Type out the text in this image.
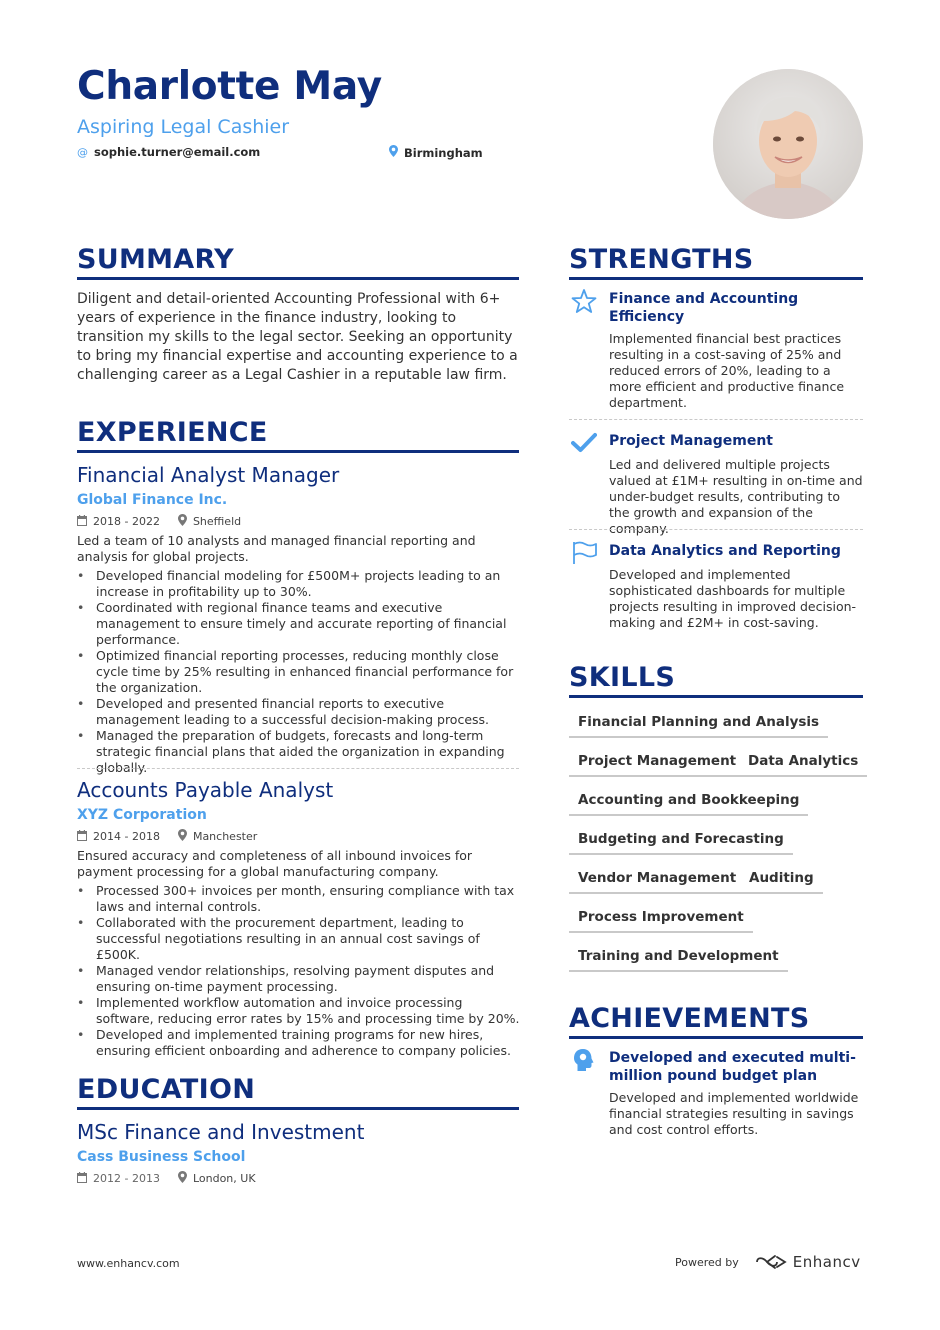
Charlotte May
Aspiring Legal Cashier
@ sophie.turner@email.com	Birmingham
SUMMARY
Diligent and detail-oriented Accounting Professional with 6+ years of experience in the finance industry, looking to transition my skills to the legal sector. Seeking an opportunity to bring my financial expertise and accounting experience to a challenging career as a Legal Cashier in a reputable law firm.
EXPERIENCE
Financial Analyst Manager
Global Finance Inc.
2018 - 2022	Sheffield
Led a team of 10 analysts and managed financial reporting and analysis for global projects.
• Developed financial modeling for £500M+ projects leading to an increase in profitability up to 30%.
• Coordinated with regional finance teams and executive management to ensure timely and accurate reporting of financial performance.
• Optimized financial reporting processes, reducing monthly close cycle time by 25% resulting in enhanced financial performance for the organization.
• Developed and presented financial reports to executive management leading to a successful decision-making process.
• Managed the preparation of budgets, forecasts and long-term strategic financial plans that aided the organization in expanding globally.
Accounts Payable Analyst
XYZ Corporation
2014 - 2018	Manchester
Ensured accuracy and completeness of all inbound invoices for payment processing for a global manufacturing company.
• Processed 300+ invoices per month, ensuring compliance with tax laws and internal controls.
• Collaborated with the procurement department, leading to successful negotiations resulting in an annual cost savings of £500K.
• Managed vendor relationships, resolving payment disputes and ensuring on-time payment processing.
• Implemented workflow automation and invoice processing software, reducing error rates by 15% and processing time by 20%.
• Developed and implemented training programs for new hires, ensuring efficient onboarding and adherence to company policies.
EDUCATION
MSc Finance and Investment
Cass Business School
2012 - 2013	London, UK
STRENGTHS
Finance and Accounting Efficiency
Implemented financial best practices resulting in a cost-saving of 25% and reduced errors of 20%, leading to a more efficient and productive finance department.
Project Management
Led and delivered multiple projects valued at £1M+ resulting in on-time and under-budget results, contributing to the growth and expansion of the company.
Data Analytics and Reporting
Developed and implemented sophisticated dashboards for multiple projects resulting in improved decision-making and £2M+ in cost-saving.
SKILLS
Financial Planning and Analysis
Project Management Data Analytics
Accounting and Bookkeeping
Budgeting and Forecasting
Vendor Management Auditing
Process Improvement
Training and Development
ACHIEVEMENTS
Developed and executed multi-million pound budget plan
Developed and implemented worldwide financial strategies resulting in savings and cost control efforts.
www.enhancv.com	Powered by	Enhancv
